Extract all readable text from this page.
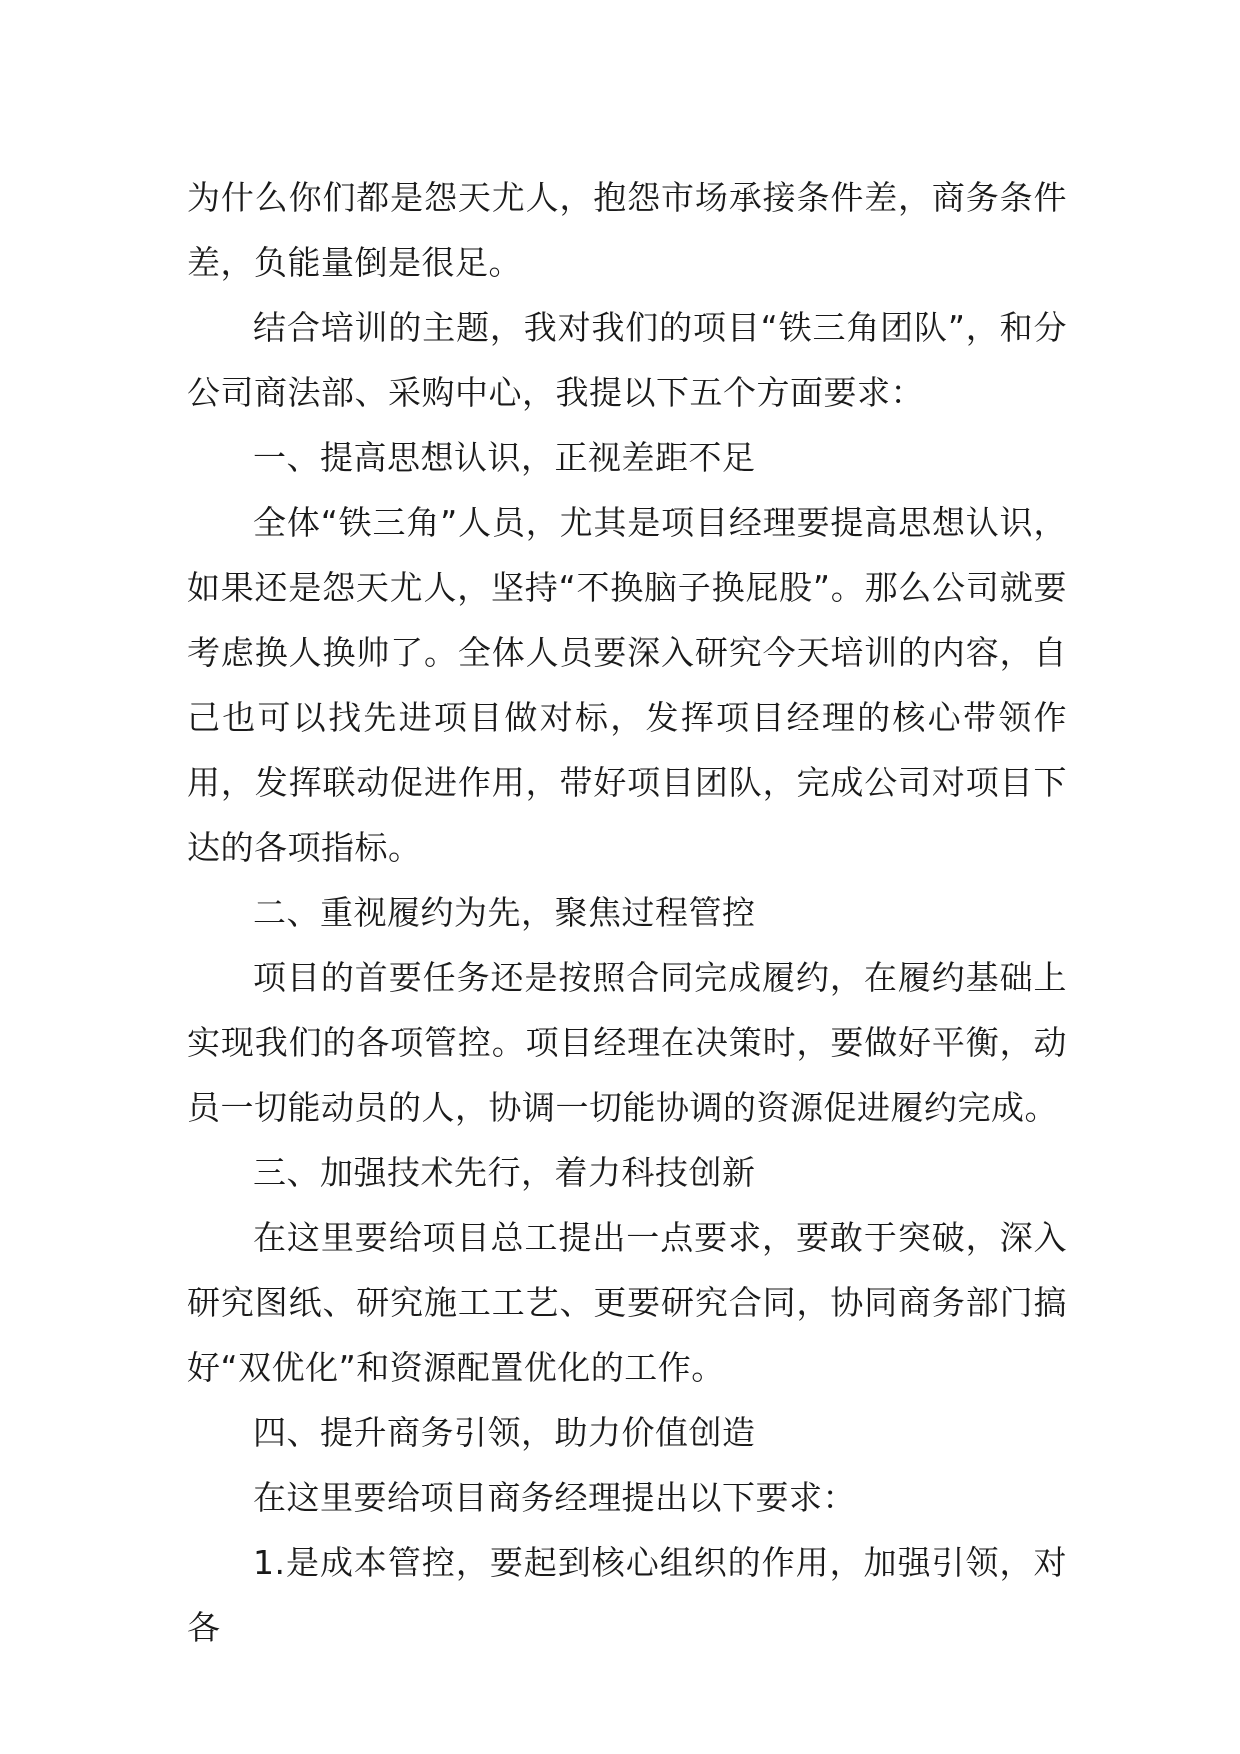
为什么你们都是怨天尤人，抱怨市场承接条件差，商务条件差，负能量倒是很足。

结合培训的主题，我对我们的项目“铁三角团队”，和分公司商法部、采购中心，我提以下五个方面要求：

一、提高思想认识，正视差距不足

全体“铁三角”人员，尤其是项目经理要提高思想认识，如果还是怨天尤人，坚持“不换脑子换屁股”。那么公司就要考虑换人换帅了。全体人员要深入研究今天培训的内容，自己也可以找先进项目做对标，发挥项目经理的核心带领作用，发挥联动促进作用，带好项目团队，完成公司对项目下达的各项指标。

二、重视履约为先，聚焦过程管控

项目的首要任务还是按照合同完成履约，在履约基础上实现我们的各项管控。项目经理在决策时，要做好平衡，动员一切能动员的人，协调一切能协调的资源促进履约完成。

三、加强技术先行，着力科技创新

在这里要给项目总工提出一点要求，要敢于突破，深入研究图纸、研究施工工艺、更要研究合同，协同商务部门搞好“双优化”和资源配置优化的工作。

四、提升商务引领，助力价值创造

在这里要给项目商务经理提出以下要求：

1.是成本管控，要起到核心组织的作用，加强引领，对各
